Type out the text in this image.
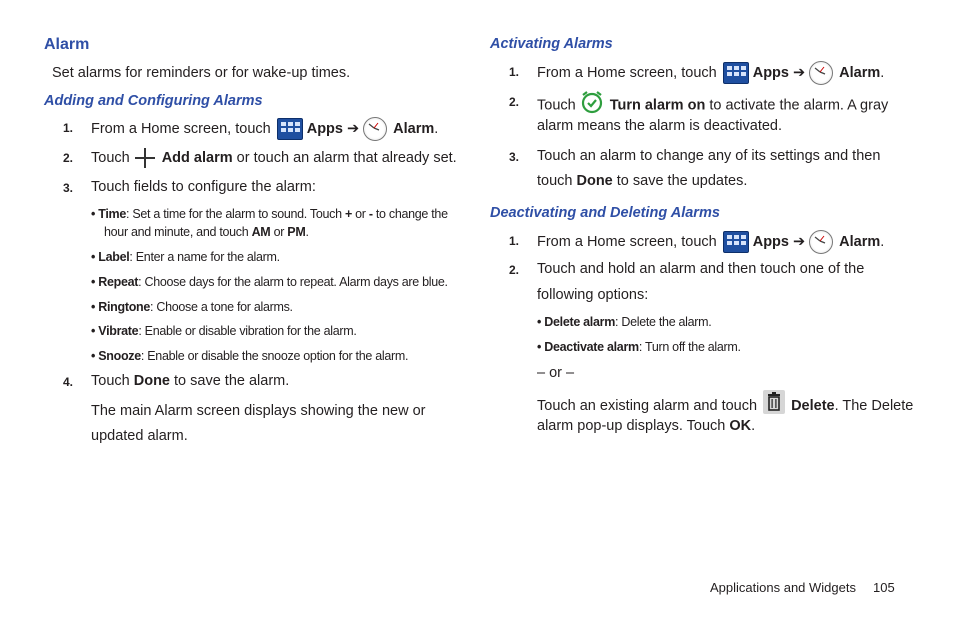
Alarm
Set alarms for reminders or for wake-up times.
Adding and Configuring Alarms
1. From a Home screen, touch Apps ➔ Alarm.
2. Touch Add alarm or touch an alarm that already set.
3. Touch fields to configure the alarm:
• Time: Set a time for the alarm to sound. Touch + or - to change the
hour and minute, and touch AM or PM.
• Label: Enter a name for the alarm.
• Repeat: Choose days for the alarm to repeat. Alarm days are blue.
• Ringtone: Choose a tone for alarms.
• Vibrate: Enable or disable vibration for the alarm.
• Snooze: Enable or disable the snooze option for the alarm.
4. Touch Done to save the alarm.
The main Alarm screen displays showing the new or
updated alarm.
Activating Alarms
1. From a Home screen, touch Apps ➔ Alarm.
2. Touch Turn alarm on to activate the alarm. A gray
alarm means the alarm is deactivated.
3. Touch an alarm to change any of its settings and then
touch Done to save the updates.
Deactivating and Deleting Alarms
1. From a Home screen, touch Apps ➔ Alarm.
2. Touch and hold an alarm and then touch one of the
following options:
• Delete alarm: Delete the alarm.
• Deactivate alarm: Turn off the alarm.
– or –
Touch an existing alarm and touch Delete. The Delete
alarm pop-up displays. Touch OK.
Applications and Widgets 105
